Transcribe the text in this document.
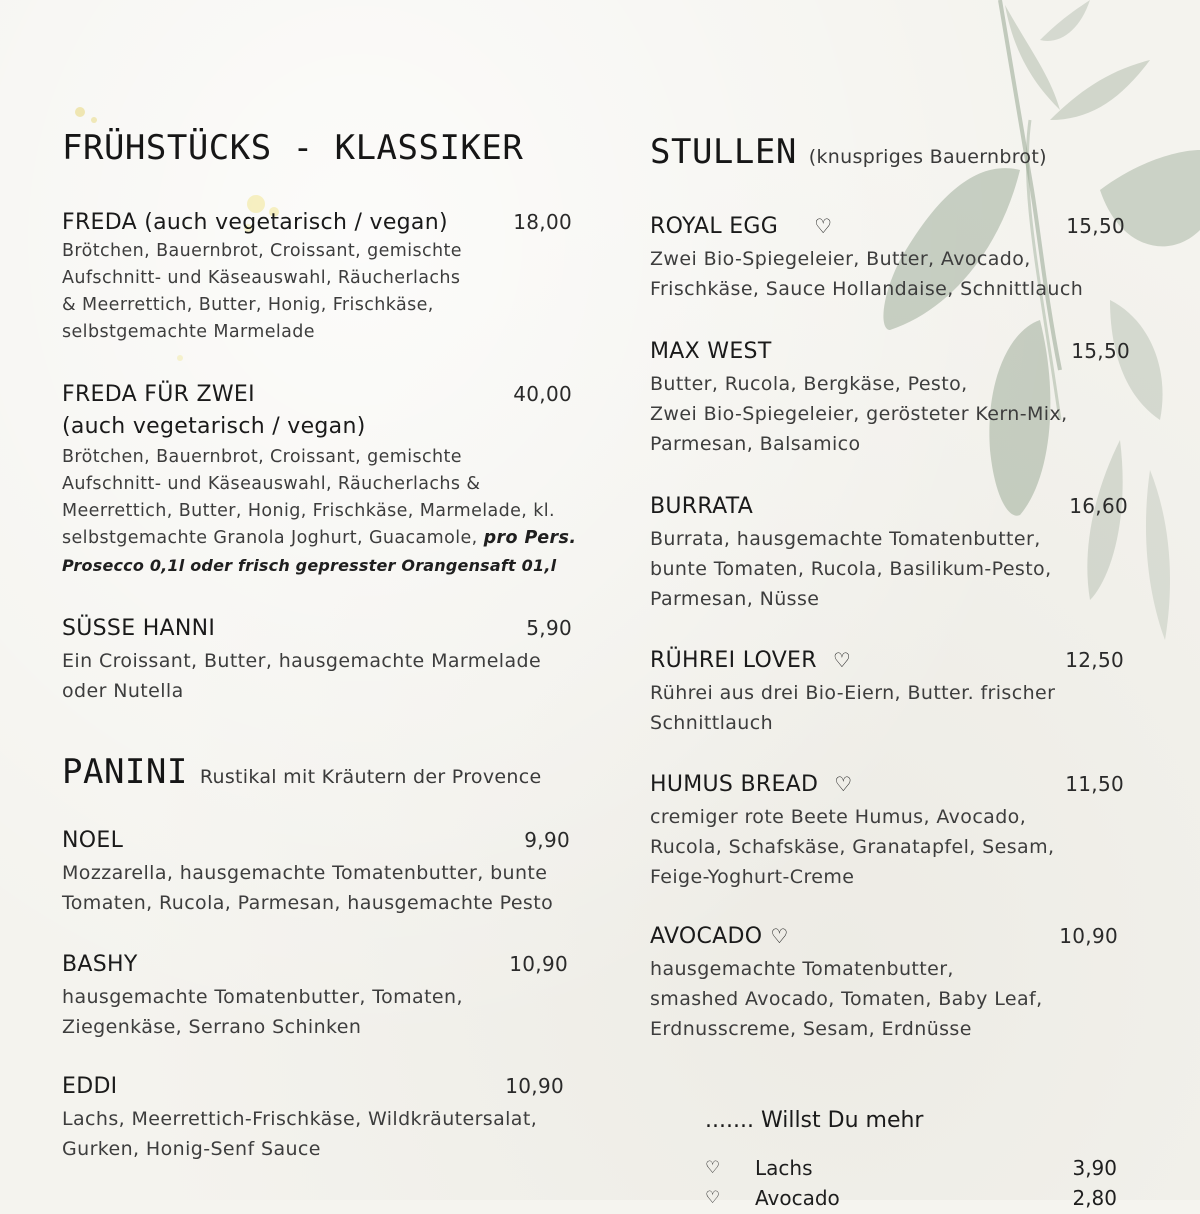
FRÜHSTÜCKS - KLASSIKER
FREDA (auch vegetarisch / vegan)	18,00
Brötchen, Bauernbrot, Croissant, gemischte
Aufschnitt- und Käseauswahl, Räucherlachs
& Meerrettich, Butter, Honig, Frischkäse,
selbstgemachte Marmelade
FREDA FÜR ZWEI
(auch vegetarisch / vegan)
40,00
Brötchen, Bauernbrot, Croissant, gemischte
Aufschnitt- und Käseauswahl, Räucherlachs &
Meerrettich, Butter, Honig, Frischkäse, Marmelade, kl.
selbstgemachte Granola Joghurt, Guacamole, pro Pers.
Prosecco 0,1l oder frisch gepresster Orangensaft 01,l
SÜSSE HANNI	5,90
Ein Croissant, Butter, hausgemachte Marmelade
oder Nutella
PANINI Rustikal mit Kräutern der Provence
NOEL	9,90
Mozzarella, hausgemachte Tomatenbutter, bunte
Tomaten, Rucola, Parmesan, hausgemachte Pesto
BASHY	10,90
hausgemachte Tomatenbutter, Tomaten,
Ziegenkäse, Serrano Schinken
EDDI	10,90
Lachs, Meerrettich-Frischkäse, Wildkräutersalat,
Gurken, Honig-Senf Sauce
STULLEN (knuspriges Bauernbrot)
ROYAL EGG ♡	15,50
Zwei Bio-Spiegeleier, Butter, Avocado,
Frischkäse, Sauce Hollandaise, Schnittlauch
MAX WEST	15,50
Butter, Rucola, Bergkäse, Pesto,
Zwei Bio-Spiegeleier, gerösteter Kern-Mix,
Parmesan, Balsamico
BURRATA	16,60
Burrata, hausgemachte Tomatenbutter,
bunte Tomaten, Rucola, Basilikum-Pesto,
Parmesan, Nüsse
RÜHREI LOVER ♡	12,50
Rührei aus drei Bio-Eiern, Butter. frischer
Schnittlauch
HUMUS BREAD ♡	11,50
cremiger rote Beete Humus, Avocado,
Rucola, Schafskäse, Granatapfel, Sesam,
Feige-Yoghurt-Creme
AVOCADO ♡	10,90
hausgemachte Tomatenbutter,
smashed Avocado, Tomaten, Baby Leaf,
Erdnusscreme, Sesam, Erdnüsse
....... Willst Du mehr
♡ Lachs	3,90
♡ Avocado	2,80
